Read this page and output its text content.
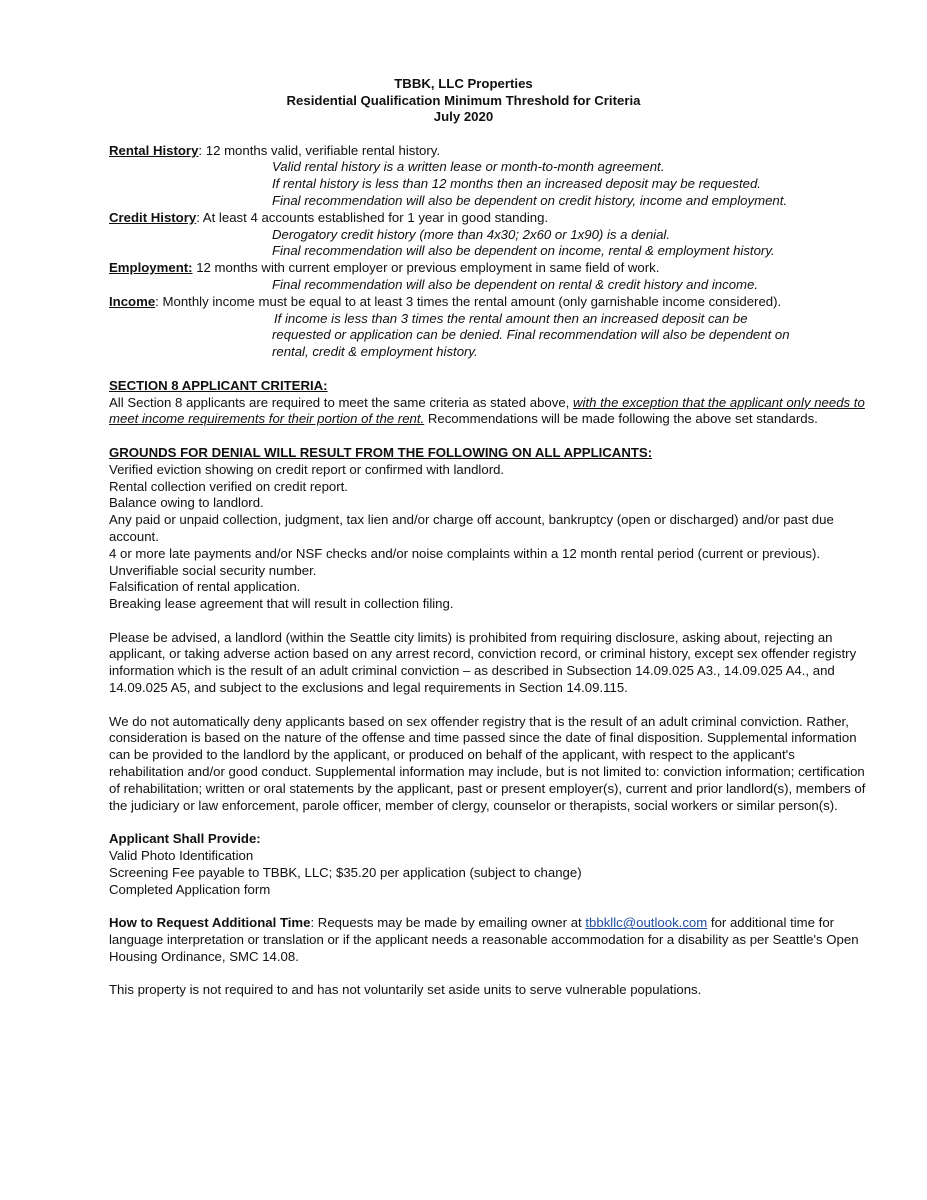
TBBK, LLC Properties
Residential Qualification Minimum Threshold for Criteria
July 2020
Rental History: 12 months valid, verifiable rental history.
Valid rental history is a written lease or month-to-month agreement.
If rental history is less than 12 months then an increased deposit may be requested.
Final recommendation will also be dependent on credit history, income and employment.
Credit History: At least 4 accounts established for 1 year in good standing.
Derogatory credit history (more than 4x30; 2x60 or 1x90) is a denial.
Final recommendation will also be dependent on income, rental & employment history.
Employment: 12 months with current employer or previous employment in same field of work.
Final recommendation will also be dependent on rental & credit history and income.
Income: Monthly income must be equal to at least 3 times the rental amount (only garnishable income considered).
If income is less than 3 times the rental amount then an increased deposit can be
requested or application can be denied. Final recommendation will also be dependent on
rental, credit & employment history.
SECTION 8 APPLICANT CRITERIA:

All Section 8 applicants are required to meet the same criteria as stated above, with the exception that the applicant only needs to meet income requirements for their portion of the rent. Recommendations will be made following the above set standards.

GROUNDS FOR DENIAL WILL RESULT FROM THE FOLLOWING ON ALL APPLICANTS:
Verified eviction showing on credit report or confirmed with landlord.
Rental collection verified on credit report.
Balance owing to landlord.
Any paid or unpaid collection, judgment, tax lien and/or charge off account, bankruptcy (open or discharged) and/or past due account.
4 or more late payments and/or NSF checks and/or noise complaints within a 12 month rental period (current or previous).
Unverifiable social security number.
Falsification of rental application.
Breaking lease agreement that will result in collection filing.

Please be advised, a landlord (within the Seattle city limits) is prohibited from requiring disclosure, asking about, rejecting an applicant, or taking adverse action based on any arrest record, conviction record, or criminal history, except sex offender registry information which is the result of an adult criminal conviction – as described in Subsection 14.09.025 A3., 14.09.025 A4., and 14.09.025 A5, and subject to the exclusions and legal requirements in Section 14.09.115.

We do not automatically deny applicants based on sex offender registry that is the result of an adult criminal conviction. Rather, consideration is based on the nature of the offense and time passed since the date of final disposition. Supplemental information can be provided to the landlord by the applicant, or produced on behalf of the applicant, with respect to the applicant's rehabilitation and/or good conduct. Supplemental information may include, but is not limited to: conviction information; certification of rehabilitation; written or oral statements by the applicant, past or present employer(s), current and prior landlord(s), members of the judiciary or law enforcement, parole officer, member of clergy, counselor or therapists, social workers or similar person(s).

Applicant Shall Provide:
Valid Photo Identification
Screening Fee payable to TBBK, LLC; $35.20 per application (subject to change)
Completed Application form

How to Request Additional Time: Requests may be made by emailing owner at tbbkllc@outlook.com for additional time for language interpretation or translation or if the applicant needs a reasonable accommodation for a disability as per Seattle's Open Housing Ordinance, SMC 14.08.

This property is not required to and has not voluntarily set aside units to serve vulnerable populations.
